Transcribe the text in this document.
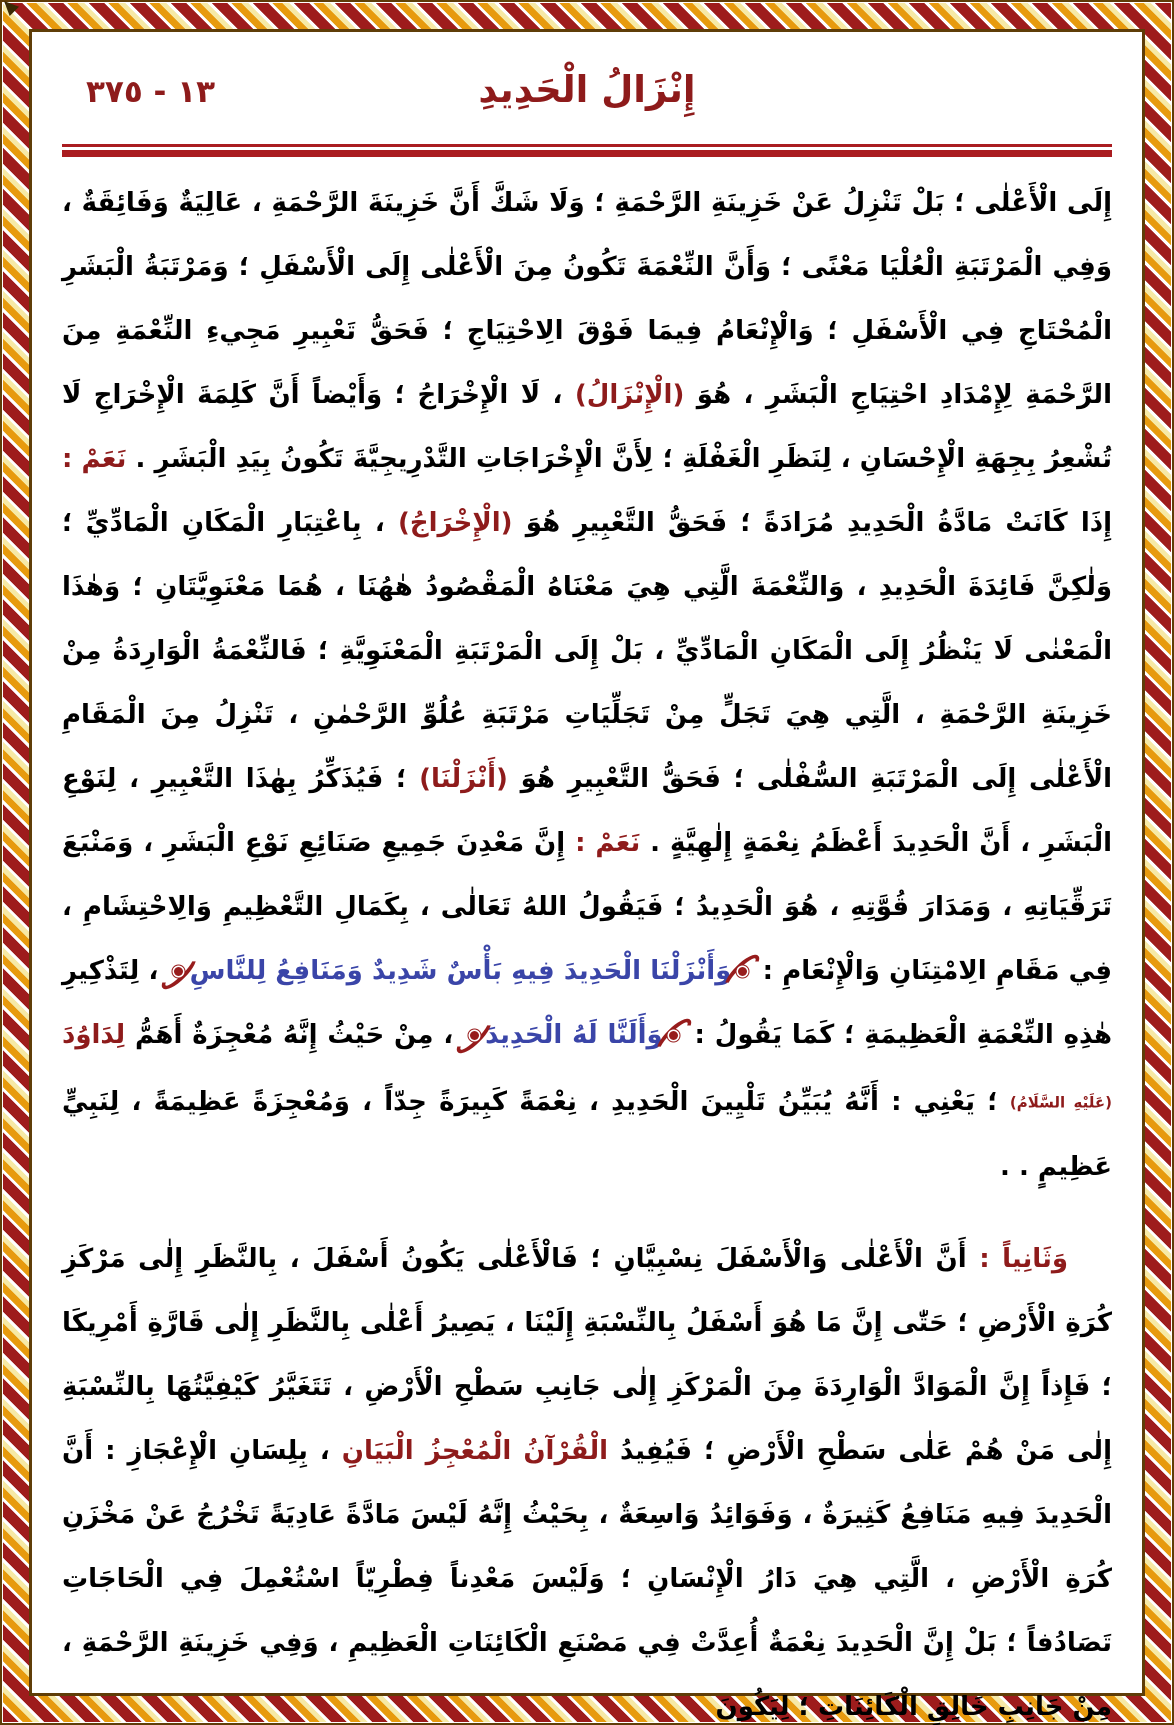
١٣ - ٣٧٥	إِنْزَالُ الْحَدِيدِ

إِلَى الْأَعْلٰى ؛ بَلْ تَنْزِلُ عَنْ خَزِينَةِ الرَّحْمَةِ ؛ وَلَا شَكَّ أَنَّ خَزِينَةَ الرَّحْمَةِ ، عَالِيَةٌ وَفَائِقَةٌ ، وَفِي الْمَرْتَبَةِ الْعُلْيَا مَعْنًى ؛ وَأَنَّ النِّعْمَةَ تَكُونُ مِنَ الْأَعْلٰى إِلَى الْأَسْفَلِ ؛ وَمَرْتَبَةُ الْبَشَرِ الْمُحْتَاجِ فِي الْأَسْفَلِ ؛ وَالْإِنْعَامُ فِيمَا فَوْقَ الِاحْتِيَاجِ ؛ فَحَقُّ تَعْبِيرِ مَجِيءِ النِّعْمَةِ مِنَ الرَّحْمَةِ لِإِمْدَادِ احْتِيَاجِ الْبَشَرِ ، هُوَ (الْإِنْزَالُ) ، لَا الْإِخْرَاجُ ؛ وَأَيْضاً أَنَّ كَلِمَةَ الْإِخْرَاجِ لَا تُشْعِرُ بِجِهَةِ الْإِحْسَانِ ، لِنَظَرِ الْغَفْلَةِ ؛ لِأَنَّ الْإِخْرَاجَاتِ التَّدْرِيجِيَّةَ تَكُونُ بِيَدِ الْبَشَرِ . نَعَمْ : إِذَا كَانَتْ مَادَّةُ الْحَدِيدِ مُرَادَةً ؛ فَحَقُّ التَّعْبِيرِ هُوَ (الْإِخْرَاجُ) ، بِاعْتِبَارِ الْمَكَانِ الْمَادِّيِّ ؛ وَلٰكِنَّ فَائِدَةَ الْحَدِيدِ ، وَالنِّعْمَةَ الَّتِي هِيَ مَعْنَاهُ الْمَقْصُودُ هٰهُنَا ، هُمَا مَعْنَوِيَّتَانِ ؛ وَهٰذَا الْمَعْنٰى لَا يَنْظُرُ إِلَى الْمَكَانِ الْمَادِّيِّ ، بَلْ إِلَى الْمَرْتَبَةِ الْمَعْنَوِيَّةِ ؛ فَالنِّعْمَةُ الْوَارِدَةُ مِنْ خَزِينَةِ الرَّحْمَةِ ، الَّتِي هِيَ تَجَلٍّ مِنْ تَجَلِّيَاتِ مَرْتَبَةِ عُلُوِّ الرَّحْمٰنِ ، تَنْزِلُ مِنَ الْمَقَامِ الْأَعْلٰى إِلَى الْمَرْتَبَةِ السُّفْلٰى ؛ فَحَقُّ التَّعْبِيرِ هُوَ (أَنْزَلْنَا) ؛ فَيُذَكِّرُ بِهٰذَا التَّعْبِيرِ ، لِنَوْعِ الْبَشَرِ ، أَنَّ الْحَدِيدَ أَعْظَمُ نِعْمَةٍ إِلٰهِيَّةٍ . نَعَمْ : إِنَّ مَعْدِنَ جَمِيعِ صَنَائِعِ نَوْعِ الْبَشَرِ ، وَمَنْبَعَ تَرَقِّيَاتِهِ ، وَمَدَارَ قُوَّتِهِ ، هُوَ الْحَدِيدُ ؛ فَيَقُولُ اللهُ تَعَالٰى ، بِكَمَالِ التَّعْظِيمِ وَالِاحْتِشَامِ ، فِي مَقَامِ الِامْتِنَانِ وَالْإِنْعَامِ : وَأَنْزَلْنَا الْحَدِيدَ فِيهِ بَأْسٌ شَدِيدٌ وَمَنَافِعُ لِلنَّاسِ ، لِتَذْكِيرِ هٰذِهِ النِّعْمَةِ الْعَظِيمَةِ ؛ كَمَا يَقُولُ : وَأَلَنَّا لَهُ الْحَدِيدَ ، مِنْ حَيْثُ إِنَّهُ مُعْجِزَةٌ أَهَمُّ لِدَاوُدَ (عَلَيْهِ السَّلَامُ) ؛ يَعْنِي : أَنَّهُ يُبَيِّنُ تَلْيِينَ الْحَدِيدِ ، نِعْمَةً كَبِيرَةً جِدّاً ، وَمُعْجِزَةً عَظِيمَةً ، لِنَبِيٍّ عَظِيمٍ . .

وَثَانِياً : أَنَّ الْأَعْلٰى وَالْأَسْفَلَ نِسْبِيَّانِ ؛ فَالْأَعْلٰى يَكُونُ أَسْفَلَ ، بِالنَّظَرِ إِلٰى مَرْكَزِ كُرَةِ الْأَرْضِ ؛ حَتّٰى إِنَّ مَا هُوَ أَسْفَلُ بِالنِّسْبَةِ إِلَيْنَا ، يَصِيرُ أَعْلٰى بِالنَّظَرِ إِلٰى قَارَّةِ أَمْرِيكَا ؛ فَإِذاً إِنَّ الْمَوَادَّ الْوَارِدَةَ مِنَ الْمَرْكَزِ إِلٰى جَانِبِ سَطْحِ الْأَرْضِ ، تَتَغَيَّرُ كَيْفِيَّتُهَا بِالنِّسْبَةِ إِلٰى مَنْ هُمْ عَلٰى سَطْحِ الْأَرْضِ ؛ فَيُفِيدُ الْقُرْآنُ الْمُعْجِزُ الْبَيَانِ ، بِلِسَانِ الْإِعْجَازِ : أَنَّ الْحَدِيدَ فِيهِ مَنَافِعُ كَثِيرَةٌ ، وَفَوَائِدُ وَاسِعَةٌ ، بِحَيْثُ إِنَّهُ لَيْسَ مَادَّةً عَادِيَةً تَخْرُجُ عَنْ مَخْزَنِ كُرَةِ الْأَرْضِ ، الَّتِي هِيَ دَارُ الْإِنْسَانِ ؛ وَلَيْسَ مَعْدِناً فِطْرِيّاً اسْتُعْمِلَ فِي الْحَاجَاتِ تَصَادُفاً ؛ بَلْ إِنَّ الْحَدِيدَ نِعْمَةٌ أُعِدَّتْ فِي مَصْنَعِ الْكَائِنَاتِ الْعَظِيمِ ، وَفِي خَزِينَةِ الرَّحْمَةِ ، مِنْ جَانِبِ خَالِقِ الْكَائِنَاتِ ؛ لِيَكُونَ
